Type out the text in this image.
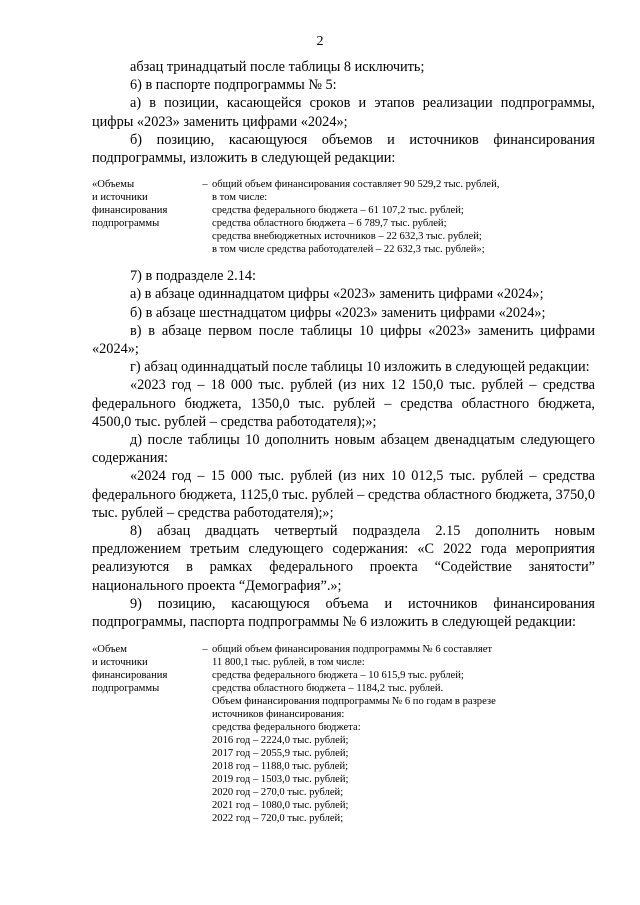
2

абзац тринадцатый после таблицы 8 исключить;

6) в паспорте подпрограммы № 5:

а) в позиции, касающейся сроков и этапов реализации подпрограммы, цифры «2023» заменить цифрами «2024»;

б) позицию, касающуюся объемов и источников финансирования подпрограммы, изложить в следующей редакции:

«Объемы
и источники
финансирования
подпрограммы
– общий объем финансирования составляет 90 529,2 тыс. рублей,
в том числе:
средства федерального бюджета – 61 107,2 тыс. рублей;
средства областного бюджета – 6 789,7 тыс. рублей;
средства внебюджетных источников – 22 632,3 тыс. рублей;
в том числе средства работодателей – 22 632,3 тыс. рублей»;

7) в подразделе 2.14:

а) в абзаце одиннадцатом цифры «2023» заменить цифрами «2024»;

б) в абзаце шестнадцатом цифры «2023» заменить цифрами «2024»;

в) в абзаце первом после таблицы 10 цифры «2023» заменить цифрами «2024»;

г) абзац одиннадцатый после таблицы 10 изложить в следующей редакции:

«2023 год – 18 000 тыс. рублей (из них 12 150,0 тыс. рублей – средства федерального бюджета, 1350,0 тыс. рублей – средства областного бюджета, 4500,0 тыс. рублей – средства работодателя);»;

д) после таблицы 10 дополнить новым абзацем двенадцатым следующего содержания:

«2024 год – 15 000 тыс. рублей (из них 10 012,5 тыс. рублей – средства федерального бюджета, 1125,0 тыс. рублей – средства областного бюджета, 3750,0 тыс. рублей – средства работодателя);»;

8) абзац двадцать четвертый подраздела 2.15 дополнить новым предложением третьим следующего содержания: «С 2022 года мероприятия реализуются в рамках федерального проекта “Содействие занятости” национального проекта “Демография”.»;

9) позицию, касающуюся объема и источников финансирования подпрограммы, паспорта подпрограммы № 6 изложить в следующей редакции:

«Объем
и источники
финансирования
подпрограммы
– общий объем финансирования подпрограммы № 6 составляет
11 800,1 тыс. рублей, в том числе:
средства федерального бюджета – 10 615,9 тыс. рублей;
средства областного бюджета – 1184,2 тыс. рублей.
Объем финансирования подпрограммы № 6 по годам в разрезе
источников финансирования:
средства федерального бюджета:
2016 год – 2224,0 тыс. рублей;
2017 год – 2055,9 тыс. рублей;
2018 год – 1188,0 тыс. рублей;
2019 год – 1503,0 тыс. рублей;
2020 год – 270,0 тыс. рублей;
2021 год – 1080,0 тыс. рублей;
2022 год – 720,0 тыс. рублей;
